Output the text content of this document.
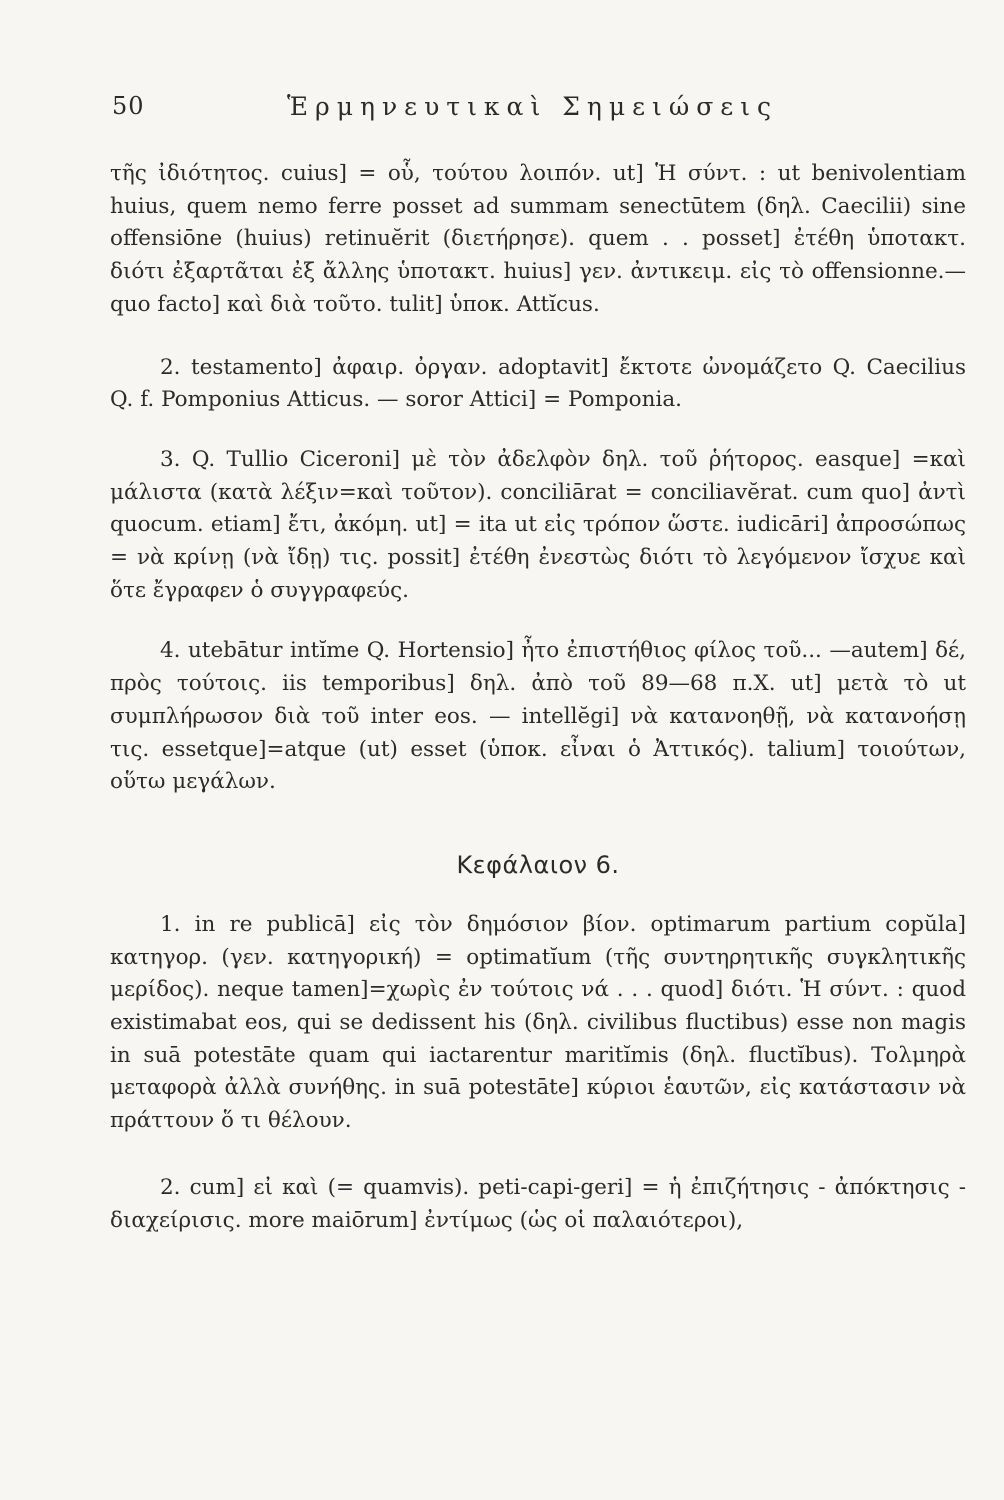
50	Ἑρμηνευτικαὶ Σημειώσεις

τῆς ἰδιότητος. cuius] = οὗ, τούτου λοιπόν. ut] Ἡ σύντ. : ut benivolentiam huius, quem nemo ferre posset ad summam senectūtem (δηλ. Caecilii) sine offensiōne (huius) retinuĕrit (διετήρησε). quem . . posset] ἐτέθη ὑποτακτ. διότι ἐξαρτᾶται ἐξ ἄλλης ὑποτακτ. huius] γεν. ἀντικειμ. εἰς τὸ offensionne.— quo facto] καὶ διὰ τοῦτο. tulit] ὑποκ. Attĭcus.

2. testamento] ἀφαιρ. ὀργαν. adoptavit] ἔκτοτε ὠνομάζετο Q. Caecilius Q. f. Pomponius Atticus. — soror Attici] = Pomponia.

3. Q. Tullio Ciceroni] μὲ τὸν ἀδελφὸν δηλ. τοῦ ῥήτορος. easque] =καὶ μάλιστα (κατὰ λέξιν=καὶ τοῦτον). conciliārat = conciliavĕrat. cum quo] ἀντὶ quocum. etiam] ἔτι, ἀκόμη. ut] = ita ut εἰς τρόπον ὥστε. iudicāri] ἀπροσώπως = νὰ κρίνῃ (νὰ ἴδῃ) τις. possit] ἐτέθη ἐνεστὼς διότι τὸ λεγόμενον ἴσχυε καὶ ὅτε ἔγραφεν ὁ συγγραφεύς.

4. utebātur intĭme Q. Hortensio] ἦτο ἐπιστήθιος φίλος τοῦ... —autem] δέ, πρὸς τούτοις. iis temporibus] δηλ. ἀπὸ τοῦ 89—68 π.Χ. ut] μετὰ τὸ ut συμπλήρωσον διὰ τοῦ inter eos. — intellĕgi] νὰ κατανοηθῇ, νὰ κατανοήσῃ τις. essetque]=atque (ut) esset (ὑποκ. εἶναι ὁ Ἀττικός). talium] τοιούτων, οὕτω μεγάλων.

Κεφάλαιον 6.

1. in re publicā] εἰς τὸν δημόσιον βίον. optimarum partium copŭla] κατηγορ. (γεν. κατηγορική) = optimatĭum (τῆς συντηρητικῆς συγκλητικῆς μερίδος). neque tamen]=χωρὶς ἐν τούτοις νά . . . quod] διότι. Ἡ σύντ. : quod existimabat eos, qui se dedissent his (δηλ. civilibus fluctibus) esse non magis in suā potestāte quam qui iactarentur maritĭmis (δηλ. fluctĭbus). Τολμηρὰ μεταφορὰ ἀλλὰ συνήθης. in suā potestāte] κύριοι ἑαυτῶν, εἰς κατάστασιν νὰ πράττουν ὅ τι θέλουν.

2. cum] εἰ καὶ (= quamvis). peti-capi-geri] = ἡ ἐπιζήτησις - ἀπόκτησις - διαχείρισις. more maiōrum] ἐντίμως (ὡς οἱ παλαιότεροι),
